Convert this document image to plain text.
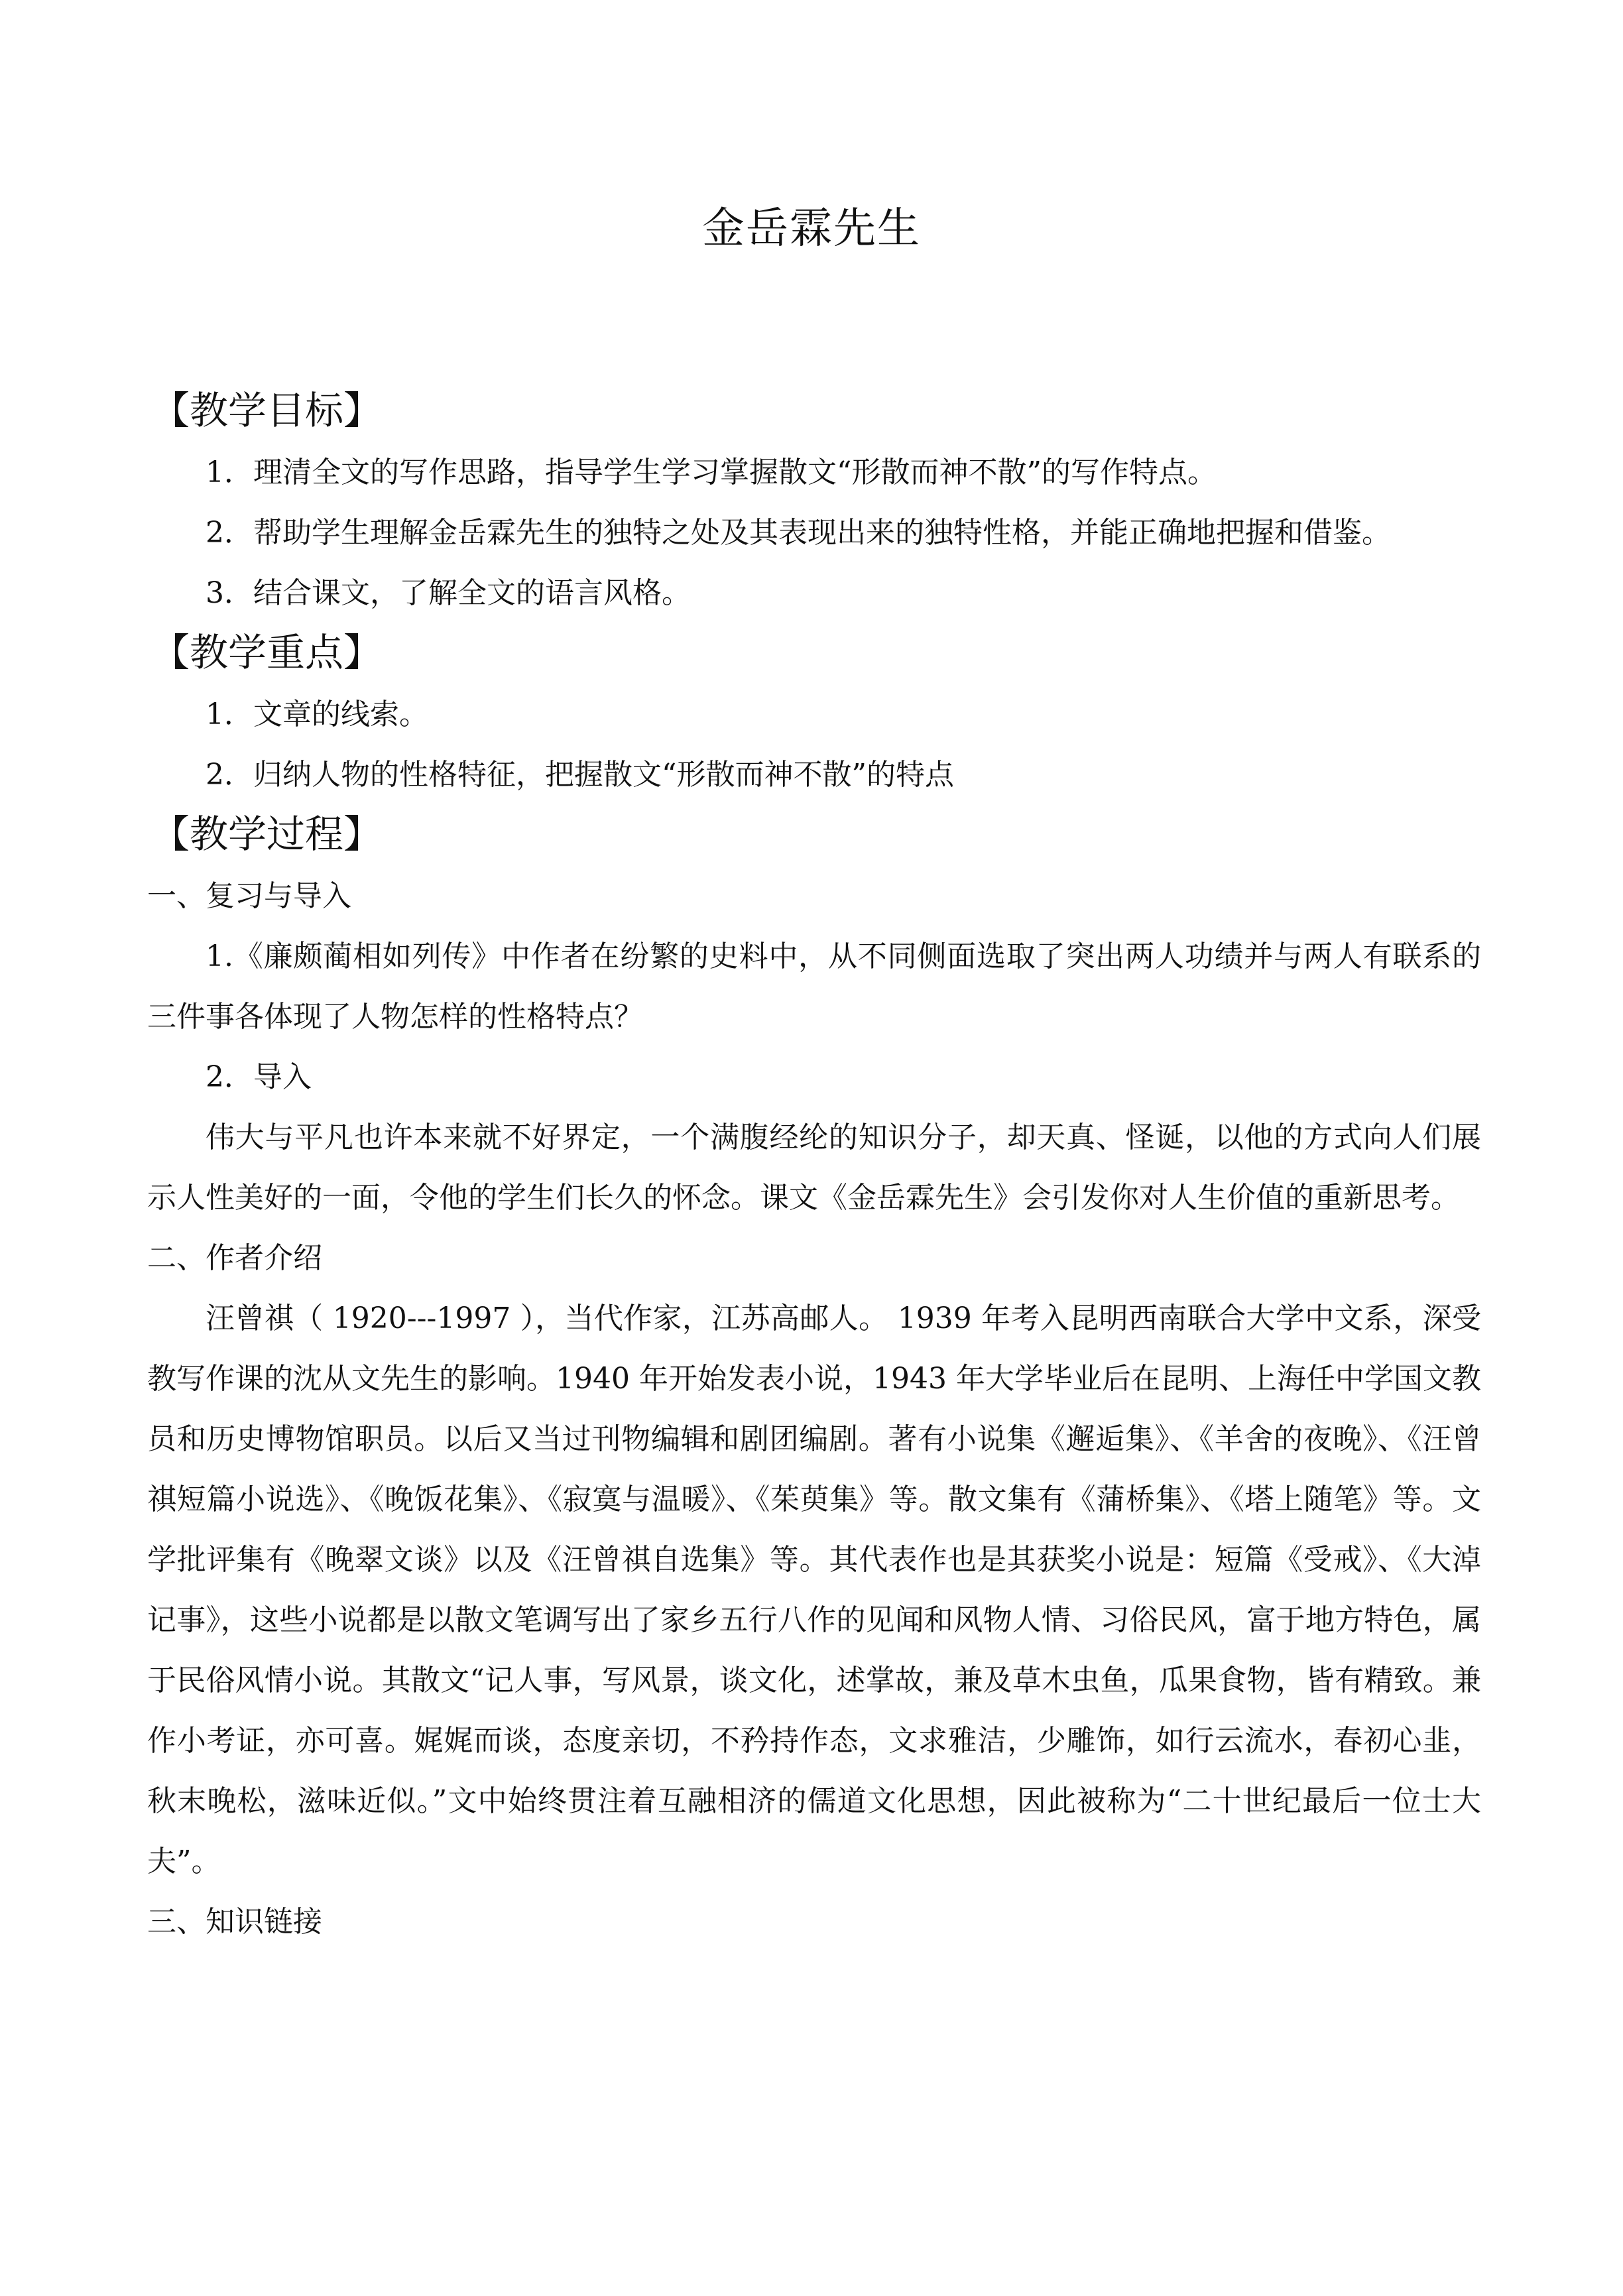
金岳霖先生
【教学目标】

1．理清全文的写作思路，指导学生学习掌握散文“形散而神不散”的写作特点。

2．帮助学生理解金岳霖先生的独特之处及其表现出来的独特性格，并能正确地把握和借鉴。

3．结合课文，了解全文的语言风格。

【教学重点】

1．文章的线索。

2．归纳人物的性格特征，把握散文“形散而神不散”的特点

【教学过程】

一、复习与导入

1.《廉颇蔺相如列传》中作者在纷繁的史料中，从不同侧面选取了突出两人功绩并与两人有联系的三件事各体现了人物怎样的性格特点？

2．导入

伟大与平凡也许本来就不好界定，一个满腹经纶的知识分子，却天真、怪诞，以他的方式向人们展示人性美好的一面，令他的学生们长久的怀念。课文《金岳霖先生》会引发你对人生价值的重新思考。

二、作者介绍

汪曾祺（ 1920---1997 ），当代作家，江苏高邮人。 1939 年考入昆明西南联合大学中文系，深受教写作课的沈从文先生的影响。1940 年开始发表小说，1943 年大学毕业后在昆明、上海任中学国文教员和历史博物馆职员。以后又当过刊物编辑和剧团编剧。著有小说集《邂逅集》、《羊舍的夜晚》、《汪曾祺短篇小说选》、《晚饭花集》、《寂寞与温暖》、《茱萸集》等。散文集有《蒲桥集》、《塔上随笔》等。文学批评集有《晚翠文谈》以及《汪曾祺自选集》等。其代表作也是其获奖小说是：短篇《受戒》、《大淖记事》，这些小说都是以散文笔调写出了家乡五行八作的见闻和风物人情、习俗民风，富于地方特色，属于民俗风情小说。其散文“记人事，写风景，谈文化，述掌故，兼及草木虫鱼，瓜果食物，皆有精致。兼作小考证，亦可喜。娓娓而谈，态度亲切，不矜持作态，文求雅洁，少雕饰，如行云流水，春初心韭，秋末晚松，滋味近似。”文中始终贯注着互融相济的儒道文化思想，因此被称为“二十世纪最后一位士大夫”。

三、知识链接
